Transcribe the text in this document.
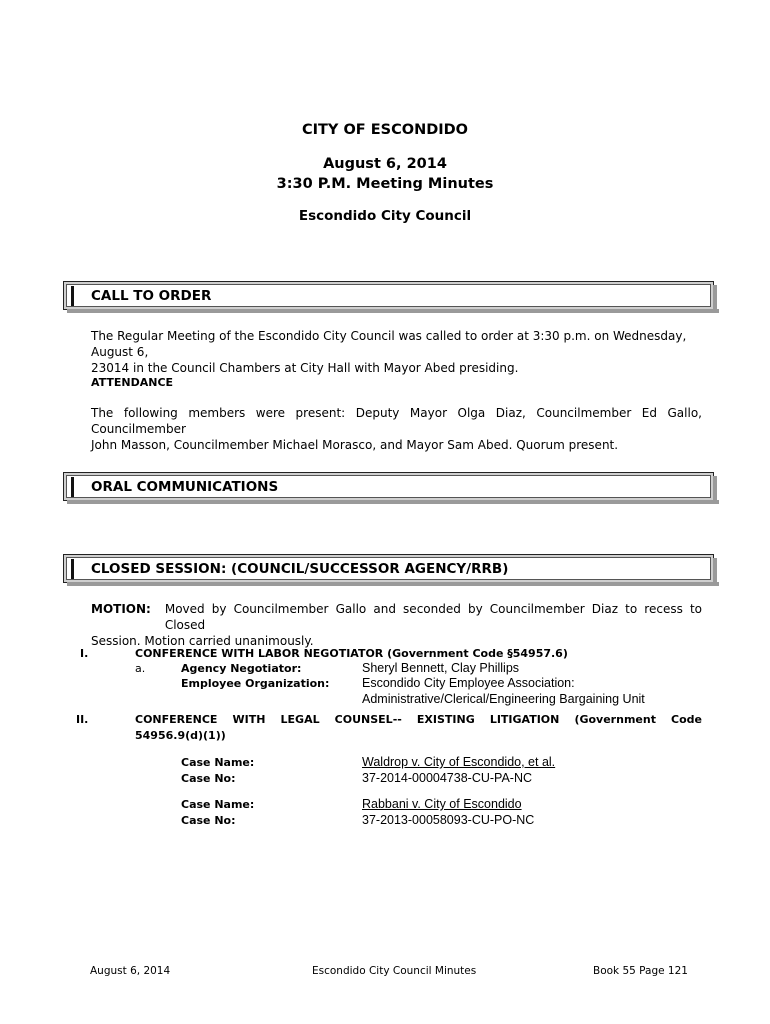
CITY OF ESCONDIDO
August 6, 2014
3:30 P.M. Meeting Minutes
Escondido City Council
CALL TO ORDER
The Regular Meeting of the Escondido City Council was called to order at 3:30 p.m. on Wednesday, August 6,
23014 in the Council Chambers at City Hall with Mayor Abed presiding.
ATTENDANCE
The following members were present: Deputy Mayor Olga Diaz, Councilmember Ed Gallo, Councilmember
John Masson, Councilmember Michael Morasco, and Mayor Sam Abed. Quorum present.
ORAL COMMUNICATIONS
CLOSED SESSION: (COUNCIL/SUCCESSOR AGENCY/RRB)
MOTION: Moved by Councilmember Gallo and seconded by Councilmember Diaz to recess to Closed
Session. Motion carried unanimously.
I.	CONFERENCE WITH LABOR NEGOTIATOR (Government Code §54957.6)
a.	Agency Negotiator:	Sheryl Bennett, Clay Phillips
Employee Organization:	Escondido City Employee Association:
Administrative/Clerical/Engineering Bargaining Unit
II.	CONFERENCE WITH LEGAL COUNSEL-- EXISTING LITIGATION (Government Code
54956.9(d)(1))
Case Name:	Waldrop v. City of Escondido, et al.
Case No:	37-2014-00004738-CU-PA-NC
Case Name:	Rabbani v. City of Escondido
Case No:	37-2013-00058093-CU-PO-NC
August 6, 2014	Escondido City Council Minutes	Book 55 Page 121
